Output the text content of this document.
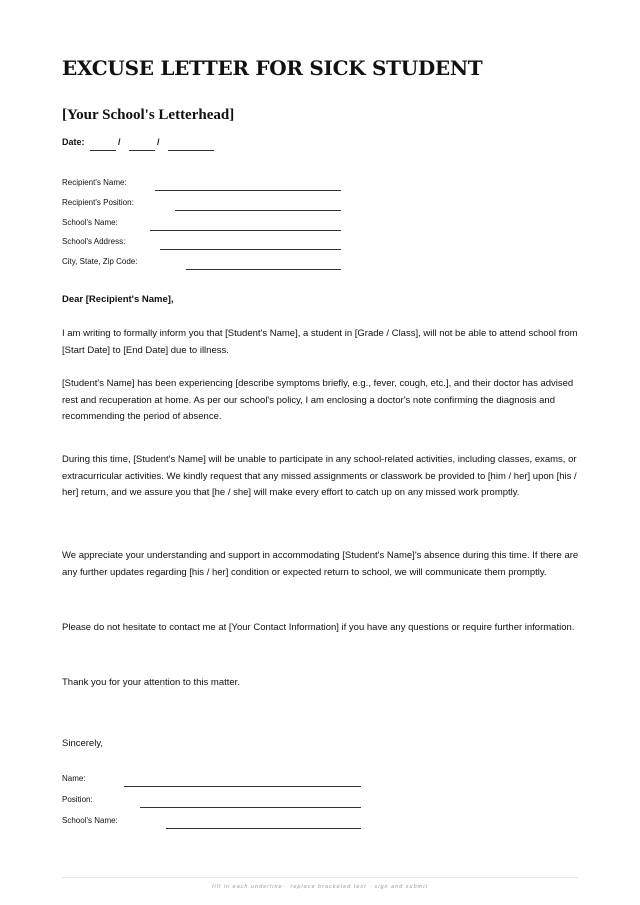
EXCUSE LETTER FOR SICK STUDENT
[Your School's Letterhead]
Date:	/	/
Recipient's Name:
Recipient's Position:
School's Name:
School's Address:
City, State, Zip Code:
Dear [Recipient's Name],

I am writing to formally inform you that [Student's Name], a student in [Grade / Class], will not be able to attend school from [Start Date] to [End Date] due to illness.

[Student's Name] has been experiencing [describe symptoms briefly, e.g., fever, cough, etc.], and their doctor has advised rest and recuperation at home. As per our school's policy, I am enclosing a doctor's note confirming the diagnosis and recommending the period of absence.

During this time, [Student's Name] will be unable to participate in any school-related activities, including classes, exams, or extracurricular activities. We kindly request that any missed assignments or classwork be provided to [him / her] upon [his / her] return, and we assure you that [he / she] will make every effort to catch up on any missed work promptly.

We appreciate your understanding and support in accommodating [Student's Name]'s absence during this time. If there are any further updates regarding [his / her] condition or expected return to school, we will communicate them promptly.

Please do not hesitate to contact me at [Your Contact Information] if you have any questions or require further information.

Thank you for your attention to this matter.

Sincerely,
Name:
Position:
School's Name:
fill in each underline · replace bracketed text · sign and submit
